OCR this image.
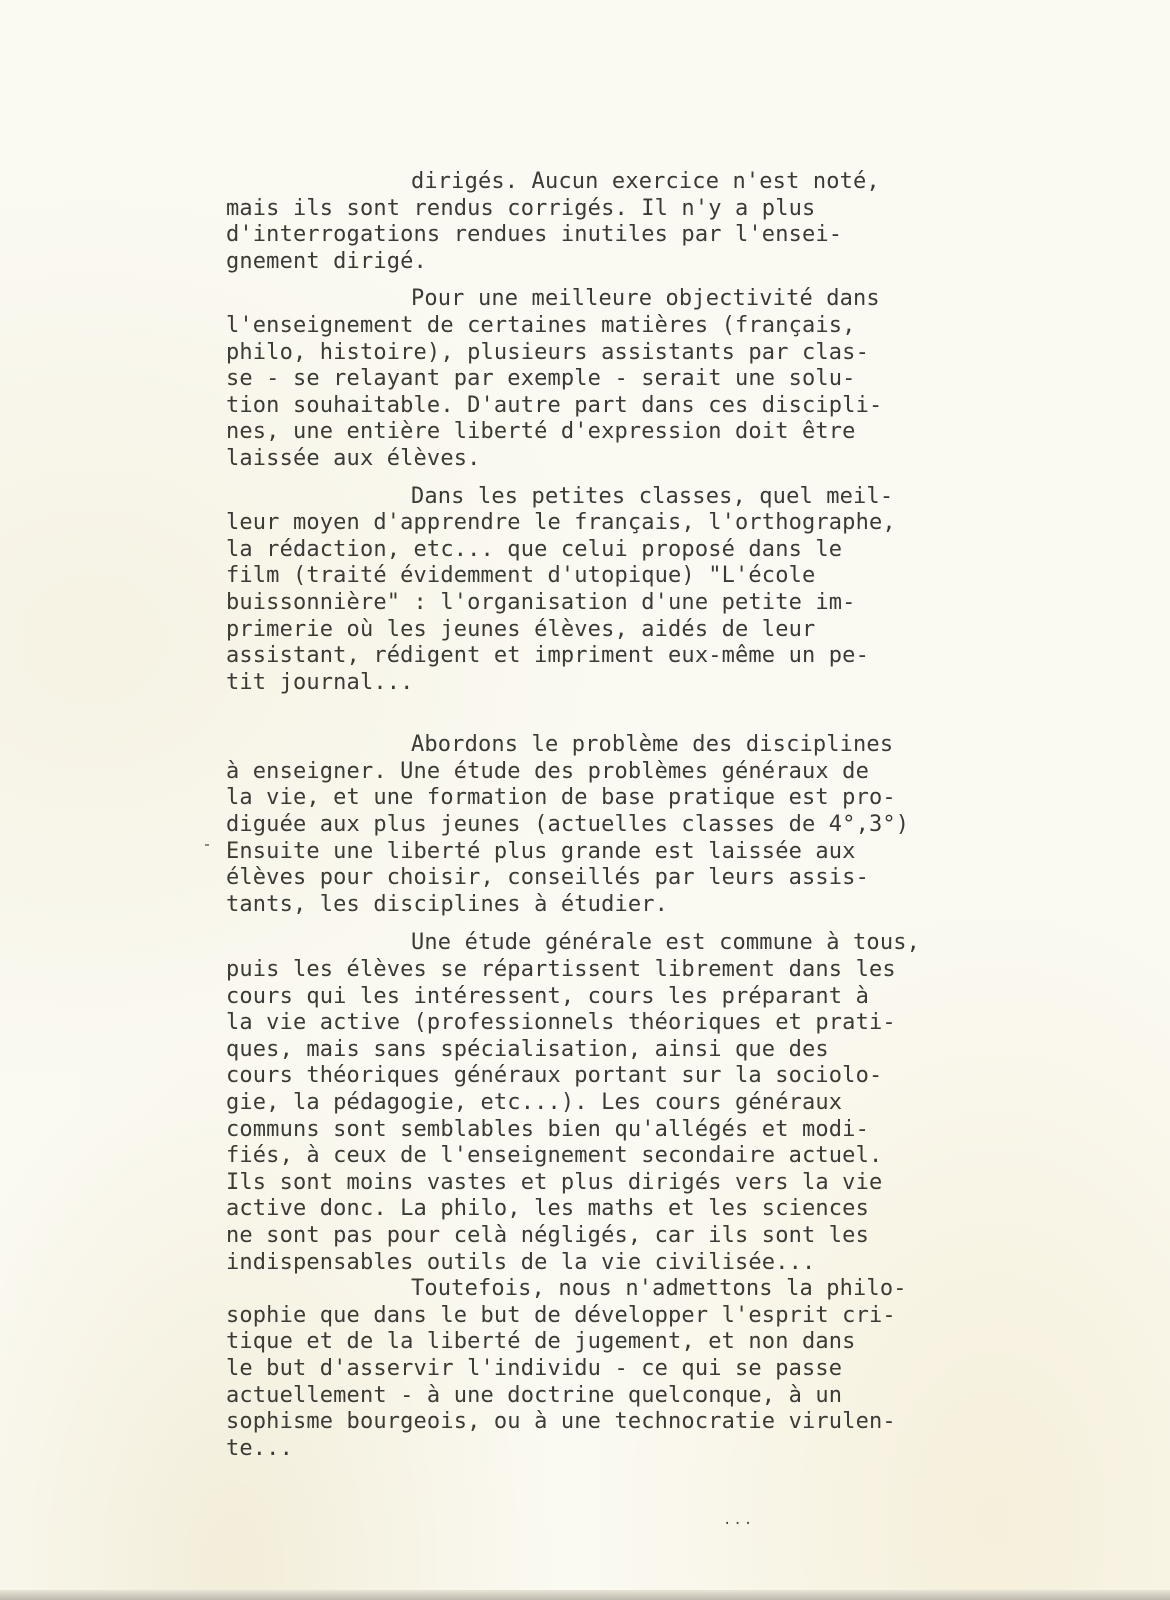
dirigés. Aucun exercice n'est noté,
mais ils sont rendus corrigés. Il n'y a plus
d'interrogations rendues inutiles par l'ensei-
gnement dirigé.
Pour une meilleure objectivité dans
l'enseignement de certaines matières (français,
philo, histoire), plusieurs assistants par clas-
se - se relayant par exemple - serait une solu-
tion souhaitable. D'autre part dans ces discipli-
nes, une entière liberté d'expression doit être
laissée aux élèves.
Dans les petites classes, quel meil-
leur moyen d'apprendre le français, l'orthographe,
la rédaction, etc... que celui proposé dans le
film (traité évidemment d'utopique) "L'école
buissonnière" : l'organisation d'une petite im-
primerie où les jeunes élèves, aidés de leur
assistant, rédigent et impriment eux-même un pe-
tit journal...
Abordons le problème des disciplines
à enseigner. Une étude des problèmes généraux de
la vie, et une formation de base pratique est pro-
diguée aux plus jeunes (actuelles classes de 4°,3°)
Ensuite une liberté plus grande est laissée aux
élèves pour choisir, conseillés par leurs assis-
tants, les disciplines à étudier.
Une étude générale est commune à tous,
puis les élèves se répartissent librement dans les
cours qui les intéressent, cours les préparant à
la vie active (professionnels théoriques et prati-
ques, mais sans spécialisation, ainsi que des
cours théoriques généraux portant sur la sociolo-
gie, la pédagogie, etc...). Les cours généraux
communs sont semblables bien qu'allégés et modi-
fiés, à ceux de l'enseignement secondaire actuel.
Ils sont moins vastes et plus dirigés vers la vie
active donc. La philo, les maths et les sciences
ne sont pas pour celà négligés, car ils sont les
indispensables outils de la vie civilisée...
Toutefois, nous n'admettons la philo-
sophie que dans le but de développer l'esprit cri-
tique et de la liberté de jugement, et non dans
le but d'asservir l'individu - ce qui se passe
actuellement - à une doctrine quelconque, à un
sophisme bourgeois, ou à une technocratie virulen-
te...
...
